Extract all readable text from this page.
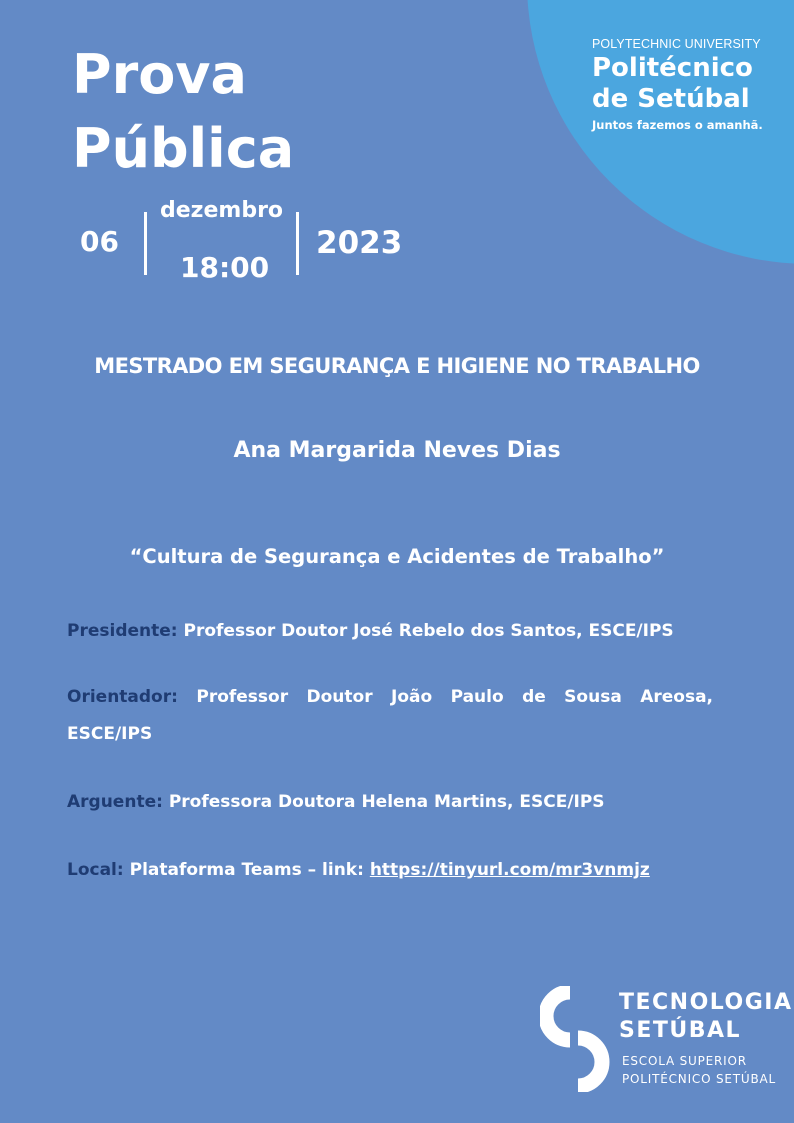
POLYTECHNIC UNIVERSITY
Politécnico
de Setúbal
Juntos fazemos o amanhã.
Prova
Pública
06
dezembro
18:00
2023
MESTRADO EM SEGURANÇA E HIGIENE NO TRABALHO
Ana Margarida Neves Dias
“Cultura de Segurança e Acidentes de Trabalho”
Presidente: Professor Doutor José Rebelo dos Santos, ESCE/IPS
Orientador: Professor Doutor João Paulo de Sousa Areosa, ESCE/IPS
Arguente: Professora Doutora Helena Martins, ESCE/IPS
Local: Plataforma Teams – link: https://tinyurl.com/mr3vnmjz
TECNOLOGIA
SETÚBAL
ESCOLA SUPERIOR
POLITÉCNICO SETÚBAL
